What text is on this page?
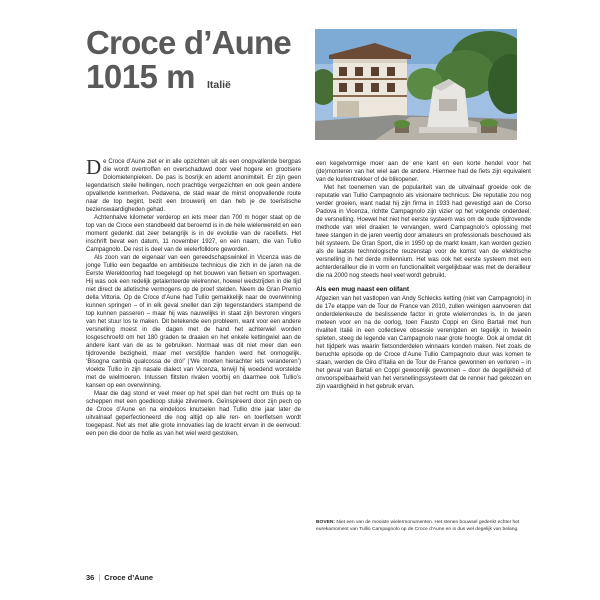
Croce d’Aune
1015 m Italië

De Croce d’Aune ziet er in alle opzichten uit als een onopvallende bergpas die wordt overtroffen en overschaduwd door veel hogere en grootsere Dolomietenpieken. De pas is bosrijk en ademt anonimiteit. Er zijn geen legendarisch steile hellingen, noch prachtige vergezichten en ook geen andere opvallende kenmerken. Pedavena, de stad waar de minst onopvallende route naar de top begint, bezit een brouwerij en dan heb je de toeristische bezienswaardigheden gehad.

Achtenhalve kilometer verderop en iets meer dan 700 m hoger staat op de top van de Croce een standbeeld dat beroemd is in de hele wielerwereld en een moment gedenkt dat zeer belangrijk is in de evolutie van de racefiets. Het inschrift bevat een datum, 11 november 1927, en een naam, die van Tullio Campagnolo. De rest is deel van de wielerfolklore geworden.

Als zoon van de eigenaar van een gereedschapswinkel in Vicenza was de jonge Tullio een begaafde en ambitieuze technicus die zich in de jaren na de Eerste Wereldoorlog had toegelegd op het bouwen van fietsen en sportwagen. Hij was ook een redelijk getalenteerde wielrenner, hoewel wedstrijden in die tijd niet direct de atletische vermogens op de proef stelden. Neem de Gran Premio della Vittoria. Op de Croce d’Aune had Tullio gemakkelijk naar de overwinning kunnen springen – of in elk geval sneller dan zijn tegenstanders stampend de top kunnen passeren – maar hij was nauwelijks in staat zijn bevroren vingers van het stuur los te maken. Dit betekende een probleem, want voor een andere versnelling moest in die dagen met de hand het achterwiel worden losgeschroefd om het 180 graden te draaien en het enkele kettingwiel aan de andere kant van de as te gebruiken. Normaal was dit niet meer dan een tijdrovende bezigheid, maar met verstijfde handen werd het onmogelijk. ‘Bisogna cambià qualcossa de drò!’ (‘We moeten hierachter iets veranderen’) vloekte Tullio in zijn nasale dialect van Vicenza, terwijl hij woedend worstelde met de wielmoeren. Intussen flitsten rivalen voorbij en daarmee ook Tullio’s kansen op een overwinning.

Maar die dag stond er veel meer op het spel dan het recht om thuis op te scheppen met een goedkoop stukje zilverwerk. Geïnspireerd door zijn pech op de Croce d’Aune en na eindeloos knutselen had Tullio drie jaar later de uitvalnaaf geperfectioneerd die nog altijd op alle ren- en toerfietsen wordt toegepast. Net als met alle grote innovaties lag de kracht ervan in de eenvoud: een pen die door de holle as van het wiel werd gestoken,

een kegelvormige moer aan de ene kant en een korte hendel voor het (de)monteren van het wiel aan de andere. Hiermee had de fiets zijn equivalent van de kurkentrekker of de blikopener.

Met het toenemen van de populariteit van de uitvalnaaf groeide ook de reputatie van Tullio Campagnolo als visionaire technicus. Die reputatie zou nog verder groeien, want nadat hij zijn firma in 1933 had gevestigd aan de Corso Padova in Vicenza, richtte Campagnolo zijn vizier op het volgende onderdeel: de versnelling. Hoewel het niet het eerste systeem was om de oude tijdrovende methode van wiel draaien te vervangen, werd Campagnolo’s oplossing met twee stangen in de jaren veertig door amateurs en professionals beschouwd als hét systeem. De Gran Sport, die in 1950 op de markt kwam, kan worden gezien als de laatste technologische reuzenstap voor de komst van de elektrische versnelling in het derde millennium. Het was ook het eerste systeem met een achterderailleur die in vorm en functionaliteit vergelijkbaar was met de derailleur die na 2000 nog steeds heel veel wordt gebruikt.

Als een mug naast een olifant

Afgezien van het vastlopen van Andy Schlecks ketting (niet van Campagnolo) in de 17e etappe van de Tour de France van 2010, zullen weinigen aanvoeren dat onderdelenkeuze de beslissende factor in grote wielerrondes is. In de jaren meteen voor en na de oorlog, toen Fausto Coppi en Gino Bartali met hun rivaliteit Italië in een collectieve obsessie verenigden en tegelijk in tweeën spleten, steeg de legende van Campagnolo naar grote hoogte. Ook al omdat dit het tijdperk was waarin fietsonderdelen winnaars konden maken. Net zoals de beruchte episode op de Croce d’Aune Tullio Campagnolo duur was komen te staan, werden de Giro d’Italia en de Tour de France gewonnen en verloren – in het geval van Bartali en Coppi gewoonlijk gewonnen – door de degelijkheid of onvoorspelbaarheid van het versnellingssysteem dat de renner had gekozen en zijn vaardigheid in het gebruik ervan.

BOVEN: Niet een van de mooiste wielermonumenten. Het stenen bouwsel gedenkt echter het eurekamoment van Tullio Campagnolo op de Croce d’Aune en is dus wel degelijk van belang.
36 | Croce d’Aune
